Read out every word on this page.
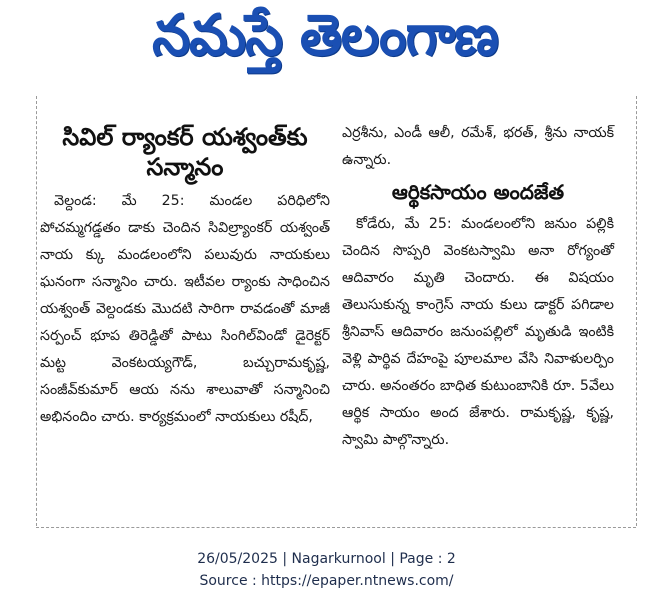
నమస్తే తెలంగాణ
సివిల్ ర్యాంకర్ యశ్వంత్‌కు సన్మానం
వెల్దండ: మే 25: మండల పరిధిలోని పోచమ్మగడ్డతం డాకు చెందిన సివిల్ర్యాంకర్ యశ్వంత్ నాయ క్కు మండలంలోని పలువురు నాయకులు ఘనంగా సన్మానిం చారు. ఇటీవల ర్యాంకు సాధించిన యశ్వంత్ వెల్దండకు మొదటి సారిగా రావడంతో మాజీ సర్పంచ్ భూప తిరెడ్డితో పాటు సింగిల్‌విండో డైరెక్టర్ మట్ట వెంకటయ్యగౌడ్, బచ్చురామకృష్ణ, సంజీవ్‌కుమార్ ఆయ నను శాలువాతో సన్మానించి అభినందిం చారు. కార్యక్రమంలో నాయకులు రషీద్,
ఎర్రశీను, ఎండీ ఆలీ, రమేశ్, భరత్, శ్రీను నాయక్ ఉన్నారు.
ఆర్థికసాయం అందజేత
కోడేరు, మే 25: మండలంలోని జనుం పల్లికి చెందిన సొప్పరి వెంకటస్వామి అనా రోగ్యంతో ఆదివారం మృతి చెందారు. ఈ విషయం తెలుసుకున్న కాంగ్రెస్ నాయ కులు డాక్టర్ పగిడాల శ్రీనివాస్ ఆదివారం జనుంపల్లిలో మృతుడి ఇంటికి వెళ్లి పార్థివ దేహంపై పూలమాల వేసి నివాళులర్పిం చారు. అనంతరం బాధిత కుటుంబానికి రూ. 5వేలు ఆర్థిక సాయం అంద జేశారు. రామకృష్ణ, కృష్ణ, స్వామి పాల్గొన్నారు.
26/05/2025 | Nagarkurnool | Page : 2
Source : https://epaper.ntnews.com/
